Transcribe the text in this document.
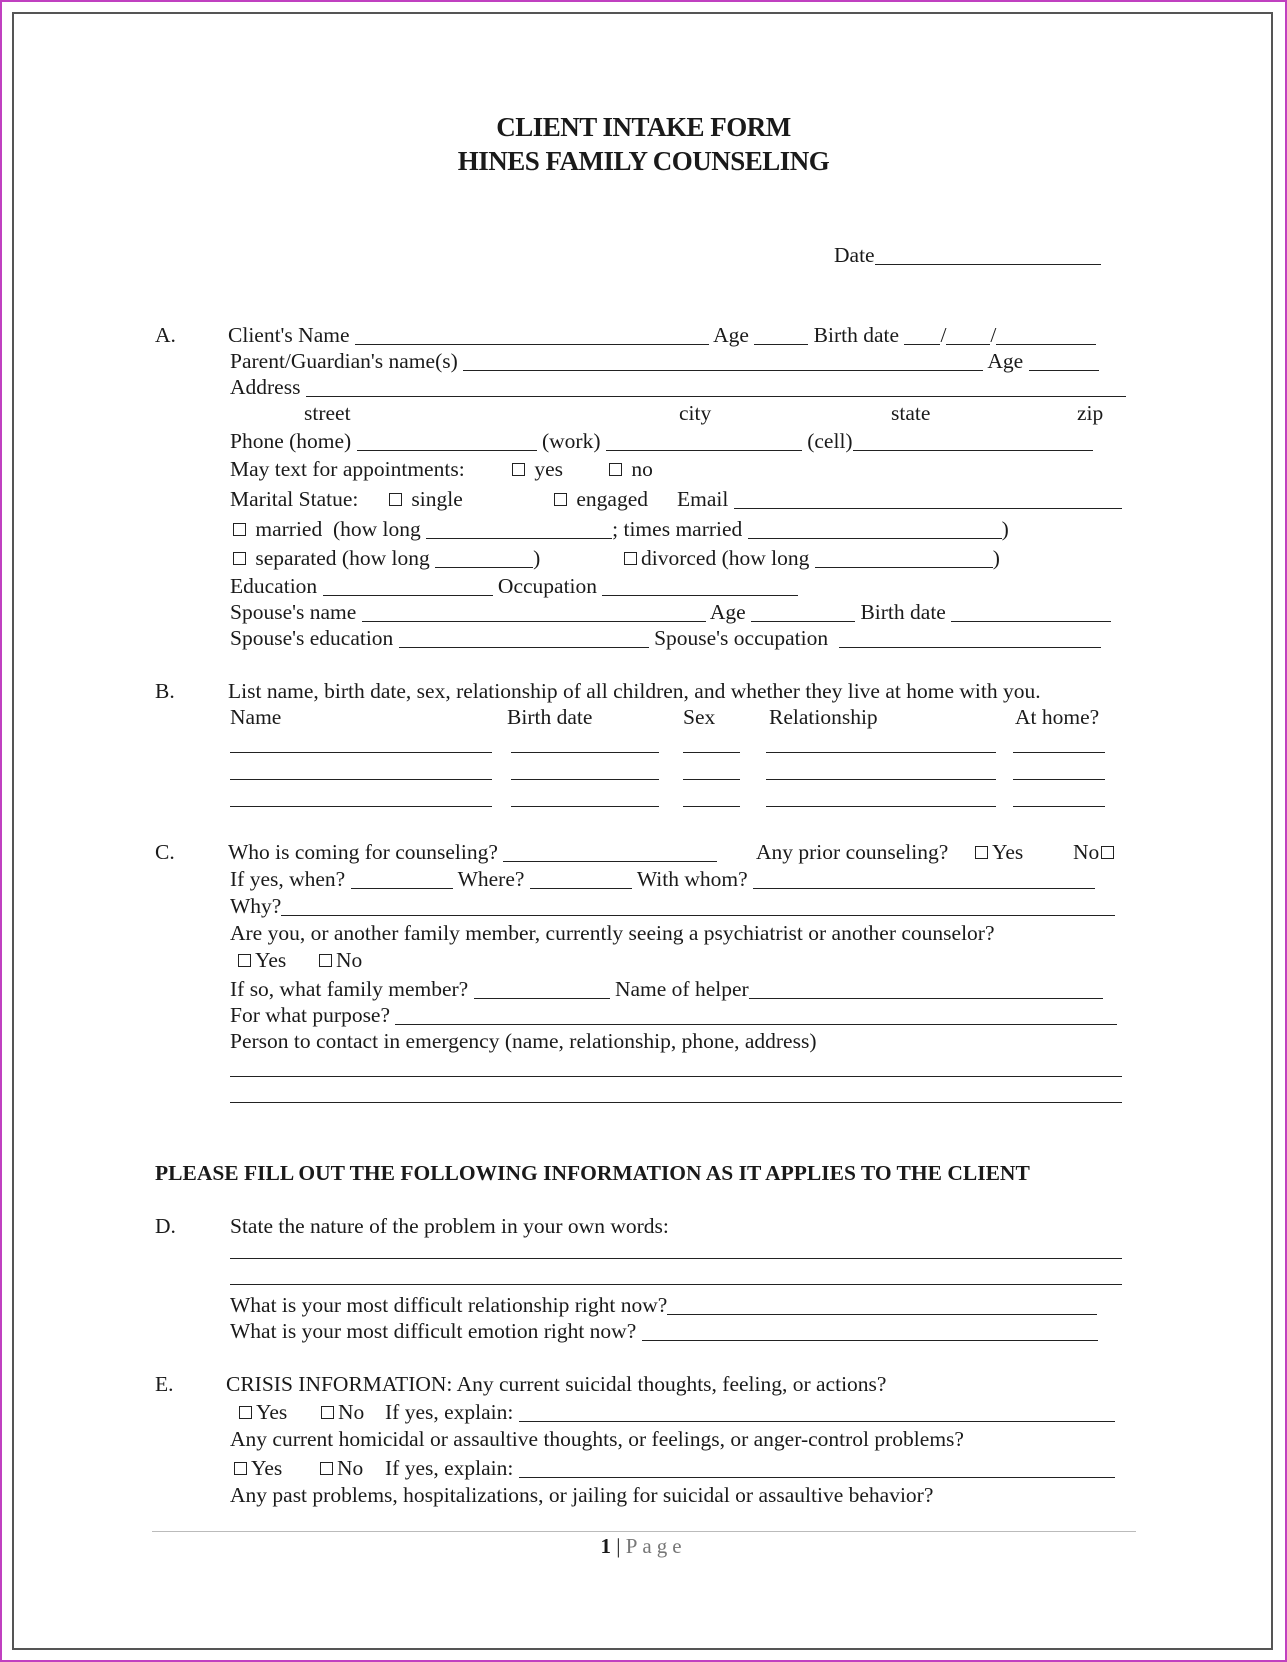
CLIENT INTAKE FORM
HINES FAMILY COUNSELING
Date
A. Client's Name	Age	Birth date / /
Parent/Guardian's name(s)	Age
Address
street	city	state	zip
Phone (home)	(work)	(cell)
May text for appointments:	yes	no
Marital Statue:	single	engaged Email
married  (how long	; times married	)
separated (how long	)	divorced (how long	)
Education	Occupation
Spouse's name	Age	Birth date
Spouse's education	Spouse's occupation
B. List name, birth date, sex, relationship of all children, and whether they live at home with you.
Name	Birth date	Sex	Relationship	At home?
C. Who is coming for counseling?	Any prior counseling?	Yes No
If yes, when?	Where?	With whom?
Why?
Are you, or another family member, currently seeing a psychiatrist or another counselor?
Yes	No
If so, what family member?	Name of helper
For what purpose?
Person to contact in emergency (name, relationship, phone, address)
PLEASE FILL OUT THE FOLLOWING INFORMATION AS IT APPLIES TO THE CLIENT
D.	State the nature of the problem in your own words:
What is your most difficult relationship right now?
What is your most difficult emotion right now?
E. CRISIS INFORMATION: Any current suicidal thoughts, feeling, or actions?
Yes	No If yes, explain:
Any current homicidal or assaultive thoughts, or feelings, or anger-control problems?
Yes	No If yes, explain:
Any past problems, hospitalizations, or jailing for suicidal or assaultive behavior?
1 | Page
